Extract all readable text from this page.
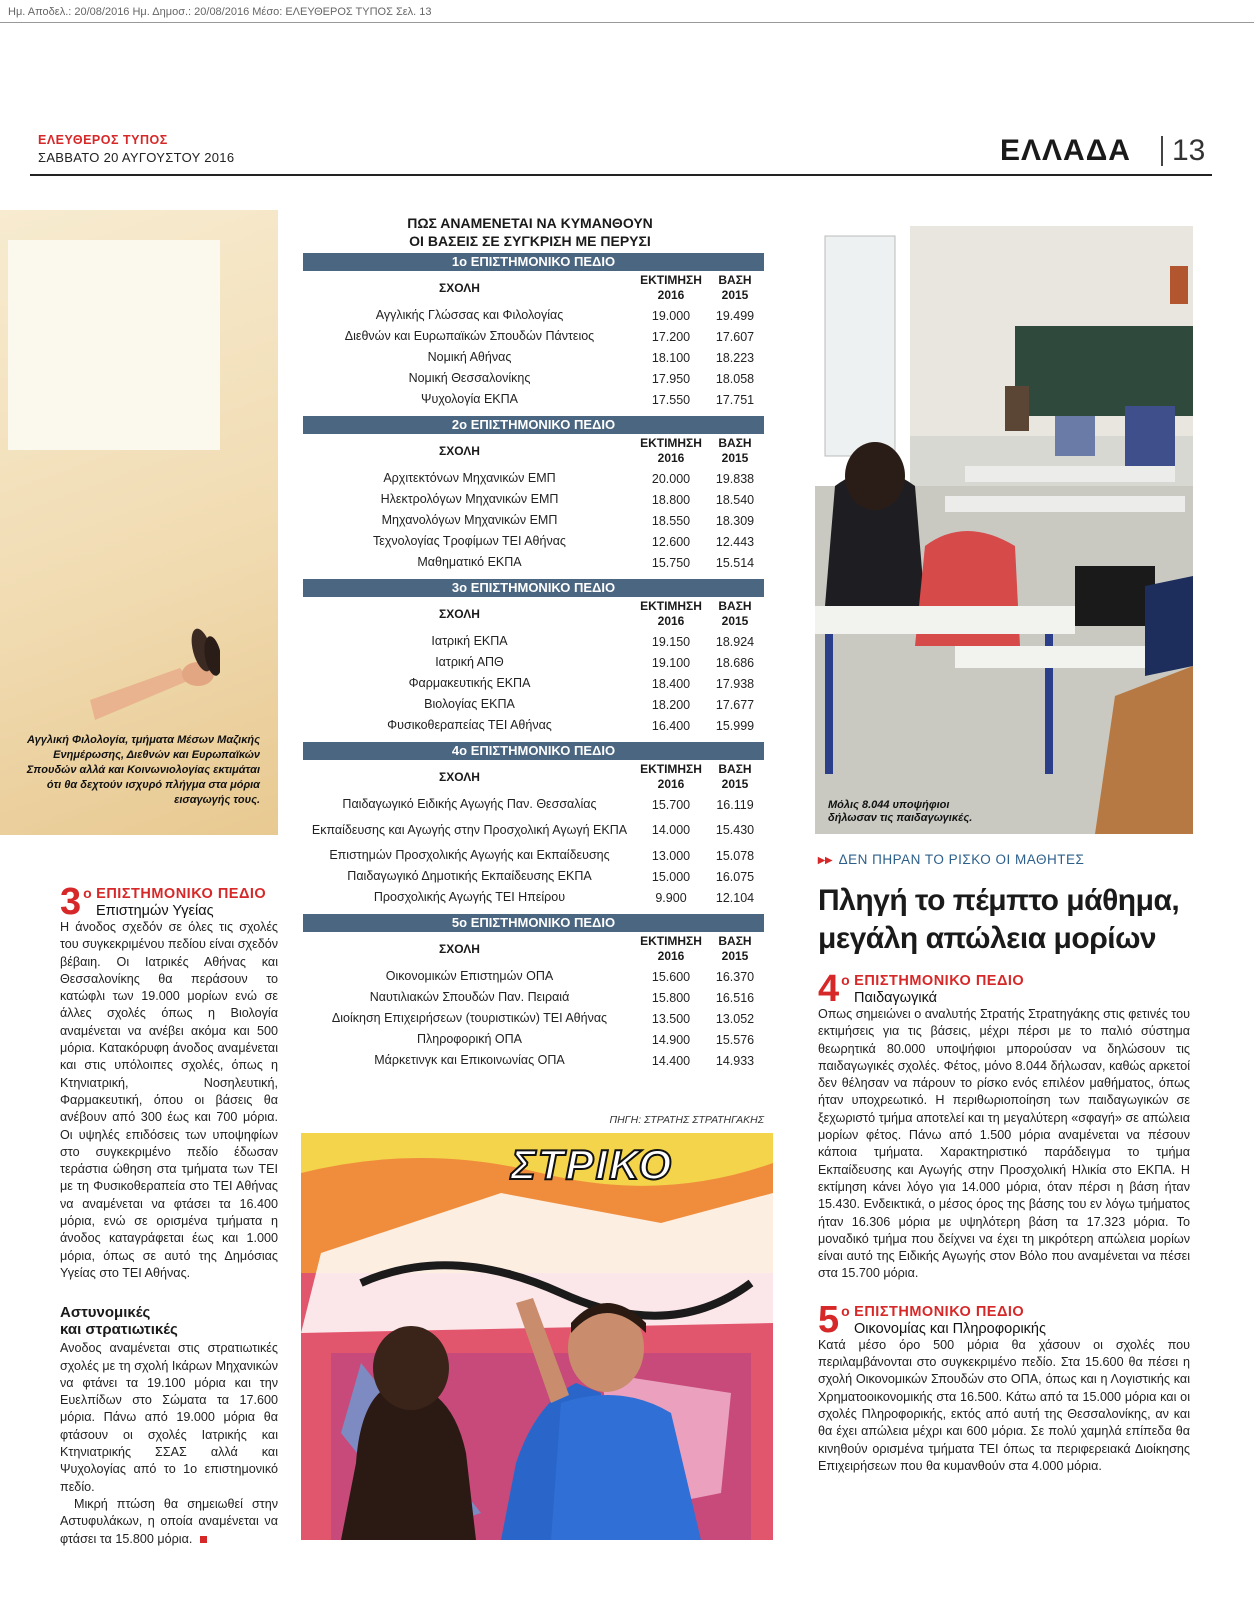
Ημ. Αποδελ.: 20/08/2016 Ημ. Δημοσ.: 20/08/2016 Μέσο: ΕΛΕΥΘΕΡΟΣ ΤΥΠΟΣ Σελ. 13
ΕΛΕΥΘΕΡΟΣ ΤΥΠΟΣ
ΣΑΒΒΑΤΟ 20 ΑΥΓΟΥΣΤΟΥ 2016	ΕΛΛΑΔΑ 13
Αγγλική Φιλολογία, τμήματα Μέσων Μαζικής Ενημέρωσης, Διεθνών και Ευρωπαϊκών Σπουδών αλλά και Κοινωνιολογίας εκτιμάται ότι θα δεχτούν ισχυρό πλήγμα στα μόρια εισαγωγής τους.
ΠΩΣ ΑΝΑΜΕΝΕΤΑΙ ΝΑ ΚΥΜΑΝΘΟΥΝ
ΟΙ ΒΑΣΕΙΣ ΣΕ ΣΥΓΚΡΙΣΗ ΜΕ ΠΕΡΥΣΙ
1ο ΕΠΙΣΤΗΜΟΝΙΚΟ ΠΕΔΙΟ
ΣΧΟΛΗ
ΕΚΤΙΜΗΣΗ
2016
ΒΑΣΗ
2015
Αγγλικής Γλώσσας και Φιλολογίας	19.000	19.499
Διεθνών και Ευρωπαϊκών Σπουδών Πάντειος	17.200	17.607
Νομική Αθήνας	18.100	18.223
Νομική Θεσσαλονίκης	17.950	18.058
Ψυχολογία ΕΚΠΑ	17.550	17.751
2ο ΕΠΙΣΤΗΜΟΝΙΚΟ ΠΕΔΙΟ
ΣΧΟΛΗ
ΕΚΤΙΜΗΣΗ
2016
ΒΑΣΗ
2015
Αρχιτεκτόνων Μηχανικών ΕΜΠ	20.000	19.838
Ηλεκτρολόγων Μηχανικών ΕΜΠ	18.800	18.540
Μηχανολόγων Μηχανικών ΕΜΠ	18.550	18.309
Τεχνολογίας Τροφίμων ΤΕΙ Αθήνας	12.600	12.443
Μαθηματικό ΕΚΠΑ	15.750	15.514
3ο ΕΠΙΣΤΗΜΟΝΙΚΟ ΠΕΔΙΟ
ΣΧΟΛΗ
ΕΚΤΙΜΗΣΗ
2016
ΒΑΣΗ
2015
Ιατρική ΕΚΠΑ	19.150	18.924
Ιατρική ΑΠΘ	19.100	18.686
Φαρμακευτικής ΕΚΠΑ	18.400	17.938
Βιολογίας ΕΚΠΑ	18.200	17.677
Φυσικοθεραπείας ΤΕΙ Αθήνας	16.400	15.999
4ο ΕΠΙΣΤΗΜΟΝΙΚΟ ΠΕΔΙΟ
ΣΧΟΛΗ
ΕΚΤΙΜΗΣΗ
2016
ΒΑΣΗ
2015
Παιδαγωγικό Ειδικής Αγωγής Παν. Θεσσαλίας	15.700	16.119
Εκπαίδευσης και Αγωγής στην Προσχολική Αγωγή ΕΚΠΑ	14.000	15.430
Επιστημών Προσχολικής Αγωγής και Εκπαίδευσης	13.000	15.078
Παιδαγωγικό Δημοτικής Εκπαίδευσης ΕΚΠΑ	15.000	16.075
Προσχολικής Αγωγής ΤΕΙ Ηπείρου	9.900	12.104
5ο ΕΠΙΣΤΗΜΟΝΙΚΟ ΠΕΔΙΟ
ΣΧΟΛΗ
ΕΚΤΙΜΗΣΗ
2016
ΒΑΣΗ
2015
Οικονομικών Επιστημών ΟΠΑ	15.600	16.370
Ναυτιλιακών Σπουδών Παν. Πειραιά	15.800	16.516
Διοίκηση Επιχειρήσεων (τουριστικών) ΤΕΙ Αθήνας	13.500	13.052
Πληροφορική ΟΠΑ	14.900	15.576
Μάρκετινγκ και Επικοινωνίας ΟΠΑ	14.400	14.933
ΠΗΓΗ: ΣΤΡΑΤΗΣ ΣΤΡΑΤΗΓΑΚΗΣ
ΣΤΡΙΚΟ
Μόλις 8.044 υποψήφιοι
δήλωσαν τις παιδαγωγικές.
3 ο ΕΠΙΣΤΗΜΟΝΙΚΟ ΠΕΔΙΟ
Επιστημών Υγείας
Η άνοδος σχεδόν σε όλες τις σχολές του συγκεκριμένου πεδίου είναι σχεδόν βέβαιη. Οι Ιατρικές Αθήνας και Θεσσαλονίκης θα περάσουν το κατώφλι των 19.000 μορίων ενώ σε άλλες σχολές όπως η Βιολογία αναμένεται να ανέβει ακόμα και 500 μόρια. Κατακόρυφη άνοδος αναμένεται και στις υπόλοιπες σχολές, όπως η Κτηνιατρική, Νοσηλευτική, Φαρμακευτική, όπου οι βάσεις θα ανέβουν από 300 έως και 700 μόρια. Οι υψηλές επιδόσεις των υποψηφίων στο συγκεκριμένο πεδίο έδωσαν τεράστια ώθηση στα τμήματα των ΤΕΙ με τη Φυσικοθεραπεία στο ΤΕΙ Αθήνας να αναμένεται να φτάσει τα 16.400 μόρια, ενώ σε ορισμένα τμήματα η άνοδος καταγράφεται έως και 1.000 μόρια, όπως σε αυτό της Δημόσιας Υγείας στο ΤΕΙ Αθήνας.
Αστυνομικές
και στρατιωτικές
Ανοδος αναμένεται στις στρατιωτικές σχολές με τη σχολή Ικάρων Μηχανικών να φτάνει τα 19.100 μόρια και την Ευελπίδων στο Σώματα τα 17.600 μόρια. Πάνω από 19.000 μόρια θα φτάσουν οι σχολές Ιατρικής και Κτηνιατρικής ΣΣΑΣ αλλά και Ψυχολογίας από το 1ο επιστημονικό πεδίο.
Μικρή πτώση θα σημειωθεί στην Αστυφυλάκων, η οποία αναμένεται να φτάσει τα 15.800 μόρια.
▸▸ ΔΕΝ ΠΗΡΑΝ ΤΟ ΡΙΣΚΟ ΟΙ ΜΑΘΗΤΕΣ
Πληγή το πέμπτο μάθημα, μεγάλη απώλεια μορίων
4 ο ΕΠΙΣΤΗΜΟΝΙΚΟ ΠΕΔΙΟ
Παιδαγωγικά
Οπως σημειώνει ο αναλυτής Στρατής Στρατηγάκης στις φετινές του εκτιμήσεις για τις βάσεις, μέχρι πέρσι με το παλιό σύστημα θεωρητικά 80.000 υποψήφιοι μπορούσαν να δηλώσουν τις παιδαγωγικές σχολές. Φέτος, μόνο 8.044 δήλωσαν, καθώς αρκετοί δεν θέλησαν να πάρουν το ρίσκο ενός επιλέον μαθήματος, όπως ήταν υποχρεωτικό. Η περιθωριοποίηση των παιδαγωγικών σε ξεχωριστό τμήμα αποτελεί και τη μεγαλύτερη «σφαγή» σε απώλεια μορίων φέτος. Πάνω από 1.500 μόρια αναμένεται να πέσουν κάποια τμήματα. Χαρακτηριστικό παράδειγμα το τμήμα Εκπαίδευσης και Αγωγής στην Προσχολική Ηλικία στο ΕΚΠΑ. Η εκτίμηση κάνει λόγο για 14.000 μόρια, όταν πέρσι η βάση ήταν 15.430. Ενδεικτικά, ο μέσος όρος της βάσης του εν λόγω τμήματος ήταν 16.306 μόρια με υψηλότερη βάση τα 17.323 μόρια. Το μοναδικό τμήμα που δείχνει να έχει τη μικρότερη απώλεια μορίων είναι αυτό της Ειδικής Αγωγής στον Βόλο που αναμένεται να πέσει στα 15.700 μόρια.
5 ο ΕΠΙΣΤΗΜΟΝΙΚΟ ΠΕΔΙΟ
Οικονομίας και Πληροφορικής
Κατά μέσο όρο 500 μόρια θα χάσουν οι σχολές που περιλαμβάνονται στο συγκεκριμένο πεδίο. Στα 15.600 θα πέσει η σχολή Οικονομικών Σπουδών στο ΟΠΑ, όπως και η Λογιστικής και Χρηματοοικονομικής στα 16.500. Κάτω από τα 15.000 μόρια και οι σχολές Πληροφορικής, εκτός από αυτή της Θεσσαλονίκης, αν και θα έχει απώλεια μέχρι και 600 μόρια. Σε πολύ χαμηλά επίπεδα θα κινηθούν ορισμένα τμήματα ΤΕΙ όπως τα περιφερειακά Διοίκησης Επιχειρήσεων που θα κυμανθούν στα 4.000 μόρια.
